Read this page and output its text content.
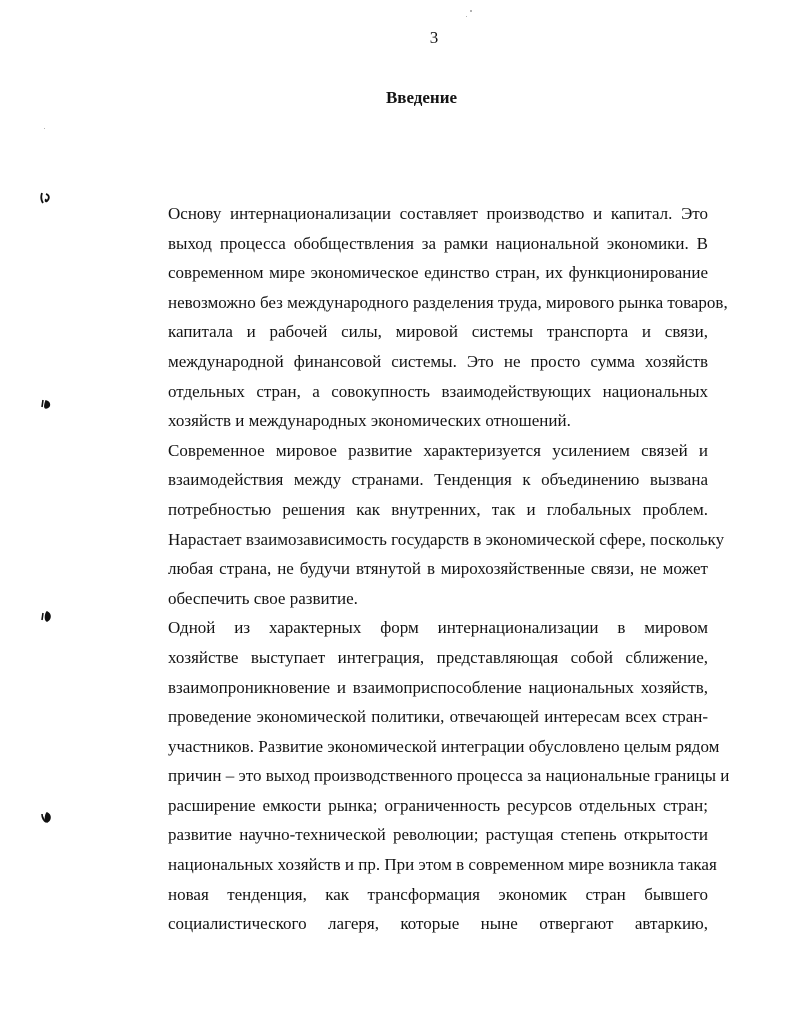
3
Введение

Основу интернационализации составляет производство и капитал. Это
выход процесса обобществления за рамки национальной экономики. В
современном мире экономическое единство стран, их функционирование
невозможно без международного разделения труда, мирового рынка товаров,
капитала и рабочей силы, мировой системы транспорта и связи,
международной финансовой системы. Это не просто сумма хозяйств
отдельных стран, а совокупность взаимодействующих национальных
хозяйств и международных экономических отношений.

Современное мировое развитие характеризуется усилением связей и
взаимодействия между странами. Тенденция к объединению вызвана
потребностью решения как внутренних, так и глобальных проблем.
Нарастает взаимозависимость государств в экономической сфере, поскольку
любая страна, не будучи втянутой в мирохозяйственные связи, не может
обеспечить свое развитие.

Одной из характерных форм интернационализации в мировом
хозяйстве выступает интеграция, представляющая собой сближение,
взаимопроникновение и взаимоприспособление национальных хозяйств,
проведение экономической политики, отвечающей интересам всех стран-
участников. Развитие экономической интеграции обусловлено целым рядом
причин – это выход производственного процесса за национальные границы и
расширение емкости рынка; ограниченность ресурсов отдельных стран;
развитие научно-технической революции; растущая степень открытости
национальных хозяйств и пр. При этом в современном мире возникла такая
новая тенденция, как трансформация экономик стран бывшего
социалистического лагеря, которые ныне отвергают автаркию,
